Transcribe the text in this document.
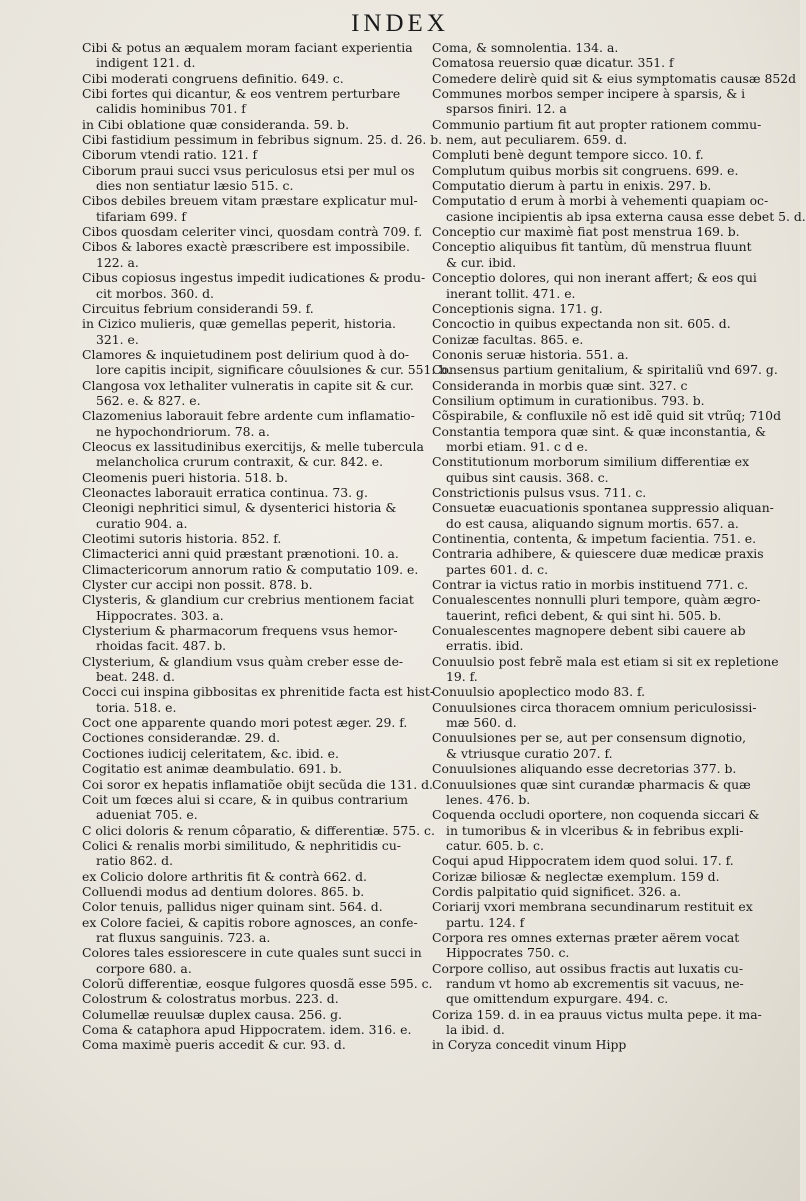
INDEX
Cibi & potus an æqualem moram faciant experientia
indigent 121. d.
Cibi moderati congruens definitio. 649. c.
Cibi fortes qui dicantur, & eos ventrem perturbare
calidis hominibus 701. f
in Cibi oblatione quæ consideranda. 59. b.
Cibi fastidium pessimum in febribus signum. 25. d. 26. b.
Ciborum vtendi ratio. 121. f
Ciborum praui succi vsus periculosus etsi per mul os
dies non sentiatur læsio 515. c.
Cibos debiles breuem vitam præstare explicatur mul-
tifariam 699. f
Cibos quosdam celeriter vinci, quosdam contrà 709. f.
Cibos & labores exactè præscribere est impossibile.
122. a.
Cibus copiosus ingestus impedit iudicationes & produ-
cit morbos. 360. d.
Circuitus febrium considerandi 59. f.
in Cizico mulieris, quæ gemellas peperit, historia.
321. e.
Clamores & inquietudinem post delirium quod à do-
lore capitis incipit, significare côuulsiones & cur. 551. b.
Clangosa vox lethaliter vulneratis in capite sit & cur.
562. e. & 827. e.
Clazomenius laborauit febre ardente cum inflamatio-
ne hypochondriorum. 78. a.
Cleocus ex lassitudinibus exercitijs, & melle tubercula
melancholica crurum contraxit, & cur. 842. e.
Cleomenis pueri historia. 518. b.
Cleonactes laborauit erratica continua. 73. g.
Cleonigi nephritici simul, & dysenterici historia &
curatio 904. a.
Cleotimi sutoris historia. 852. f.
Climacterici anni quid præstant prænotioni. 10. a.
Climactericorum annorum ratio & computatio 109. e.
Clyster cur accipi non possit. 878. b.
Clysteris, & glandium cur crebrius mentionem faciat
Hippocrates. 303. a.
Clysterium & pharmacorum frequens vsus hemor-
rhoidas facit. 487. b.
Clysterium, & glandium vsus quàm creber esse de-
beat. 248. d.
Cocci cui inspina gibbositas ex phrenitide facta est hist-
toria. 518. e.
Coct one apparente quando mori potest æger. 29. f.
Coctiones considerandæ. 29. d.
Coctiones iudicij celeritatem, &c. ibid. e.
Cogitatio est animæ deambulatio. 691. b.
Coi soror ex hepatis inflamatiõe obijt secũda die 131. d.
Coit um fœces alui si ccare, & in quibus contrarium
adueniat 705. e.
C olici doloris & renum côparatio, & differentiæ. 575. c.
Colici & renalis morbi similitudo, & nephritidis cu-
ratio 862. d.
ex Colicio dolore arthritis fit & contrà 662. d.
Colluendi modus ad dentium dolores. 865. b.
Color tenuis, pallidus niger quinam sint. 564. d.
ex Colore faciei, & capitis robore agnosces, an confe-
rat fluxus sanguinis. 723. a.
Colores tales essiorescere in cute quales sunt succi in
corpore 680. a.
Colorũ differentiæ, eosque fulgores quosdã esse 595. c.
Colostrum & colostratus morbus. 223. d.
Columellæ reuulsæ duplex causa. 256. g.
Coma & cataphora apud Hippocratem. idem. 316. e.
Coma maximè pueris accedit & cur. 93. d.
Coma, & somnolentia. 134. a.
Comatosa reuersio quæ dicatur. 351. f
Comedere delirè quid sit & eius symptomatis causæ 852d
Communes morbos semper incipere à sparsis, & i
sparsos finiri. 12. a
Communio partium fit aut propter rationem commu-
nem, aut peculiarem. 659. d.
Compluti benè degunt tempore sicco. 10. f.
Complutum quibus morbis sit congruens. 699. e.
Computatio dierum à partu in enixis. 297. b.
Computatio d erum à morbi à vehementi quapiam oc-
casione incipientis ab ipsa externa causa esse debet 5. d.
Conceptio cur maximè fiat post menstrua 169. b.
Conceptio aliquibus fit tantùm, dũ menstrua fluunt
& cur. ibid.
Conceptio dolores, qui non inerant affert; & eos qui
inerant tollit. 471. e.
Conceptionis signa. 171. g.
Concoctio in quibus expectanda non sit. 605. d.
Conizæ facultas. 865. e.
Cononis seruæ historia. 551. a.
Consensus partium genitalium, & spiritaliũ vnd 697. g.
Consideranda in morbis quæ sint. 327. c
Consilium optimum in curationibus. 793. b.
Cõspirabile, & confluxile nõ est idẽ quid sit vtrũq; 710d
Constantia tempora quæ sint. & quæ inconstantia, &
morbi etiam. 91. c d e.
Constitutionum morborum similium differentiæ ex
quibus sint causis. 368. c.
Constrictionis pulsus vsus. 711. c.
Consuetæ euacuationis spontanea suppressio aliquan-
do est causa, aliquando signum mortis. 657. a.
Continentia, contenta, & impetum facientia. 751. e.
Contraria adhibere, & quiescere duæ medicæ praxis
partes 601. d. c.
Contrar ia victus ratio in morbis instituend 771. c.
Conualescentes nonnulli pluri tempore, quàm ægro-
tauerint, refici debent, & qui sint hi. 505. b.
Conualescentes magnopere debent sibi cauere ab
erratis. ibid.
Conuulsio post febrẽ mala est etiam si sit ex repletione
19. f.
Conuulsio apoplectico modo 83. f.
Conuulsiones circa thoracem omnium periculosissi-
mæ 560. d.
Conuulsiones per se, aut per consensum dignotio,
& vtriusque curatio 207. f.
Conuulsiones aliquando esse decretorias 377. b.
Conuulsiones quæ sint curandæ pharmacis & quæ
lenes. 476. b.
Coquenda occludi oportere, non coquenda siccari &
in tumoribus & in vlceribus & in febribus expli-
catur. 605. b. c.
Coqui apud Hippocratem idem quod solui. 17. f.
Corizæ biliosæ & neglectæ exemplum. 159 d.
Cordis palpitatio quid significet. 326. a.
Coriarij vxori membrana secundinarum restituit ex
partu. 124. f
Corpora res omnes externas præter aërem vocat
Hippocrates 750. c.
Corpore collisο, aut ossibus fractis aut luxatis cu-
randum vt homo ab excrementis sit vacuus, ne-
que omittendum expurgare. 494. c.
Coriza 159. d. in ea prauus victus multa pepe. it ma-
la ibid. d.
in Coryza concedit vinum Hipp
